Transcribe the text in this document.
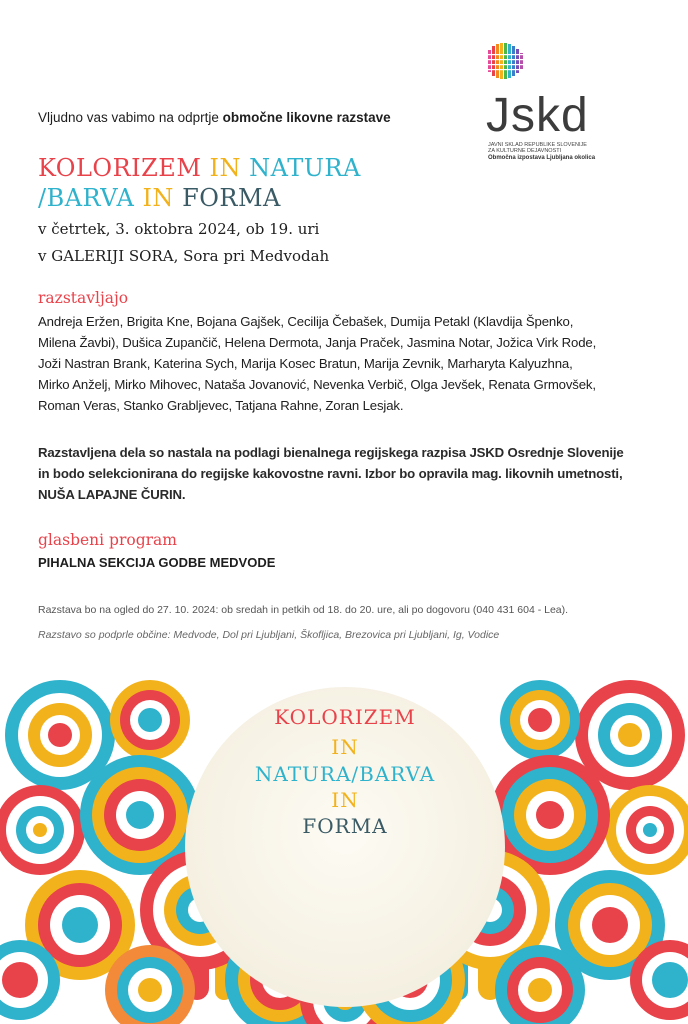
Jskd
JAVNI SKLAD REPUBLIKE SLOVENIJE
ZA KULTURNE DEJAVNOSTI
Območna izpostava Ljubljana okolica
Vljudno vas vabimo na odprtje območne likovne razstave
KOLORIZEM IN NATURA
/BARVA IN FORMA
v četrtek, 3. oktobra 2024, ob 19. uri
v GALERIJI SORA, Sora pri Medvodah
razstavljajo
Andreja Eržen, Brigita Kne, Bojana Gajšek, Cecilija Čebašek, Dumija Petakl (Klavdija Špenko,
Milena Žavbi), Dušica Zupančič, Helena Dermota, Janja Praček, Jasmina Notar, Jožica Virk Rode,
Joži Nastran Brank, Katerina Sych, Marija Kosec Bratun, Marija Zevnik, Marharyta Kalyuzhna,
Mirko Anželj, Mirko Mihovec, Nataša Jovanović, Nevenka Verbič, Olga Jevšek, Renata Grmovšek,
Roman Veras, Stanko Grabljevec, Tatjana Rahne, Zoran Lesjak.
Razstavljena dela so nastala na podlagi bienalnega regijskega razpisa JSKD Osrednje Slovenije
in bodo selekcionirana do regijske kakovostne ravni. Izbor bo opravila mag. likovnih umetnosti,
NUŠA LAPAJNE ČURIN.
glasbeni program
PIHALNA SEKCIJA GODBE MEDVODE
Razstava bo na ogled do 27. 10. 2024: ob sredah in petkih od 18. do 20. ure, ali po dogovoru (040 431 604 - Lea).
Razstavo so podprle občine: Medvode, Dol pri Ljubljani, Škofljica, Brezovica pri Ljubljani, Ig, Vodice
KOLORIZEM
IN
NATURA/BARVA
IN
FORMA
